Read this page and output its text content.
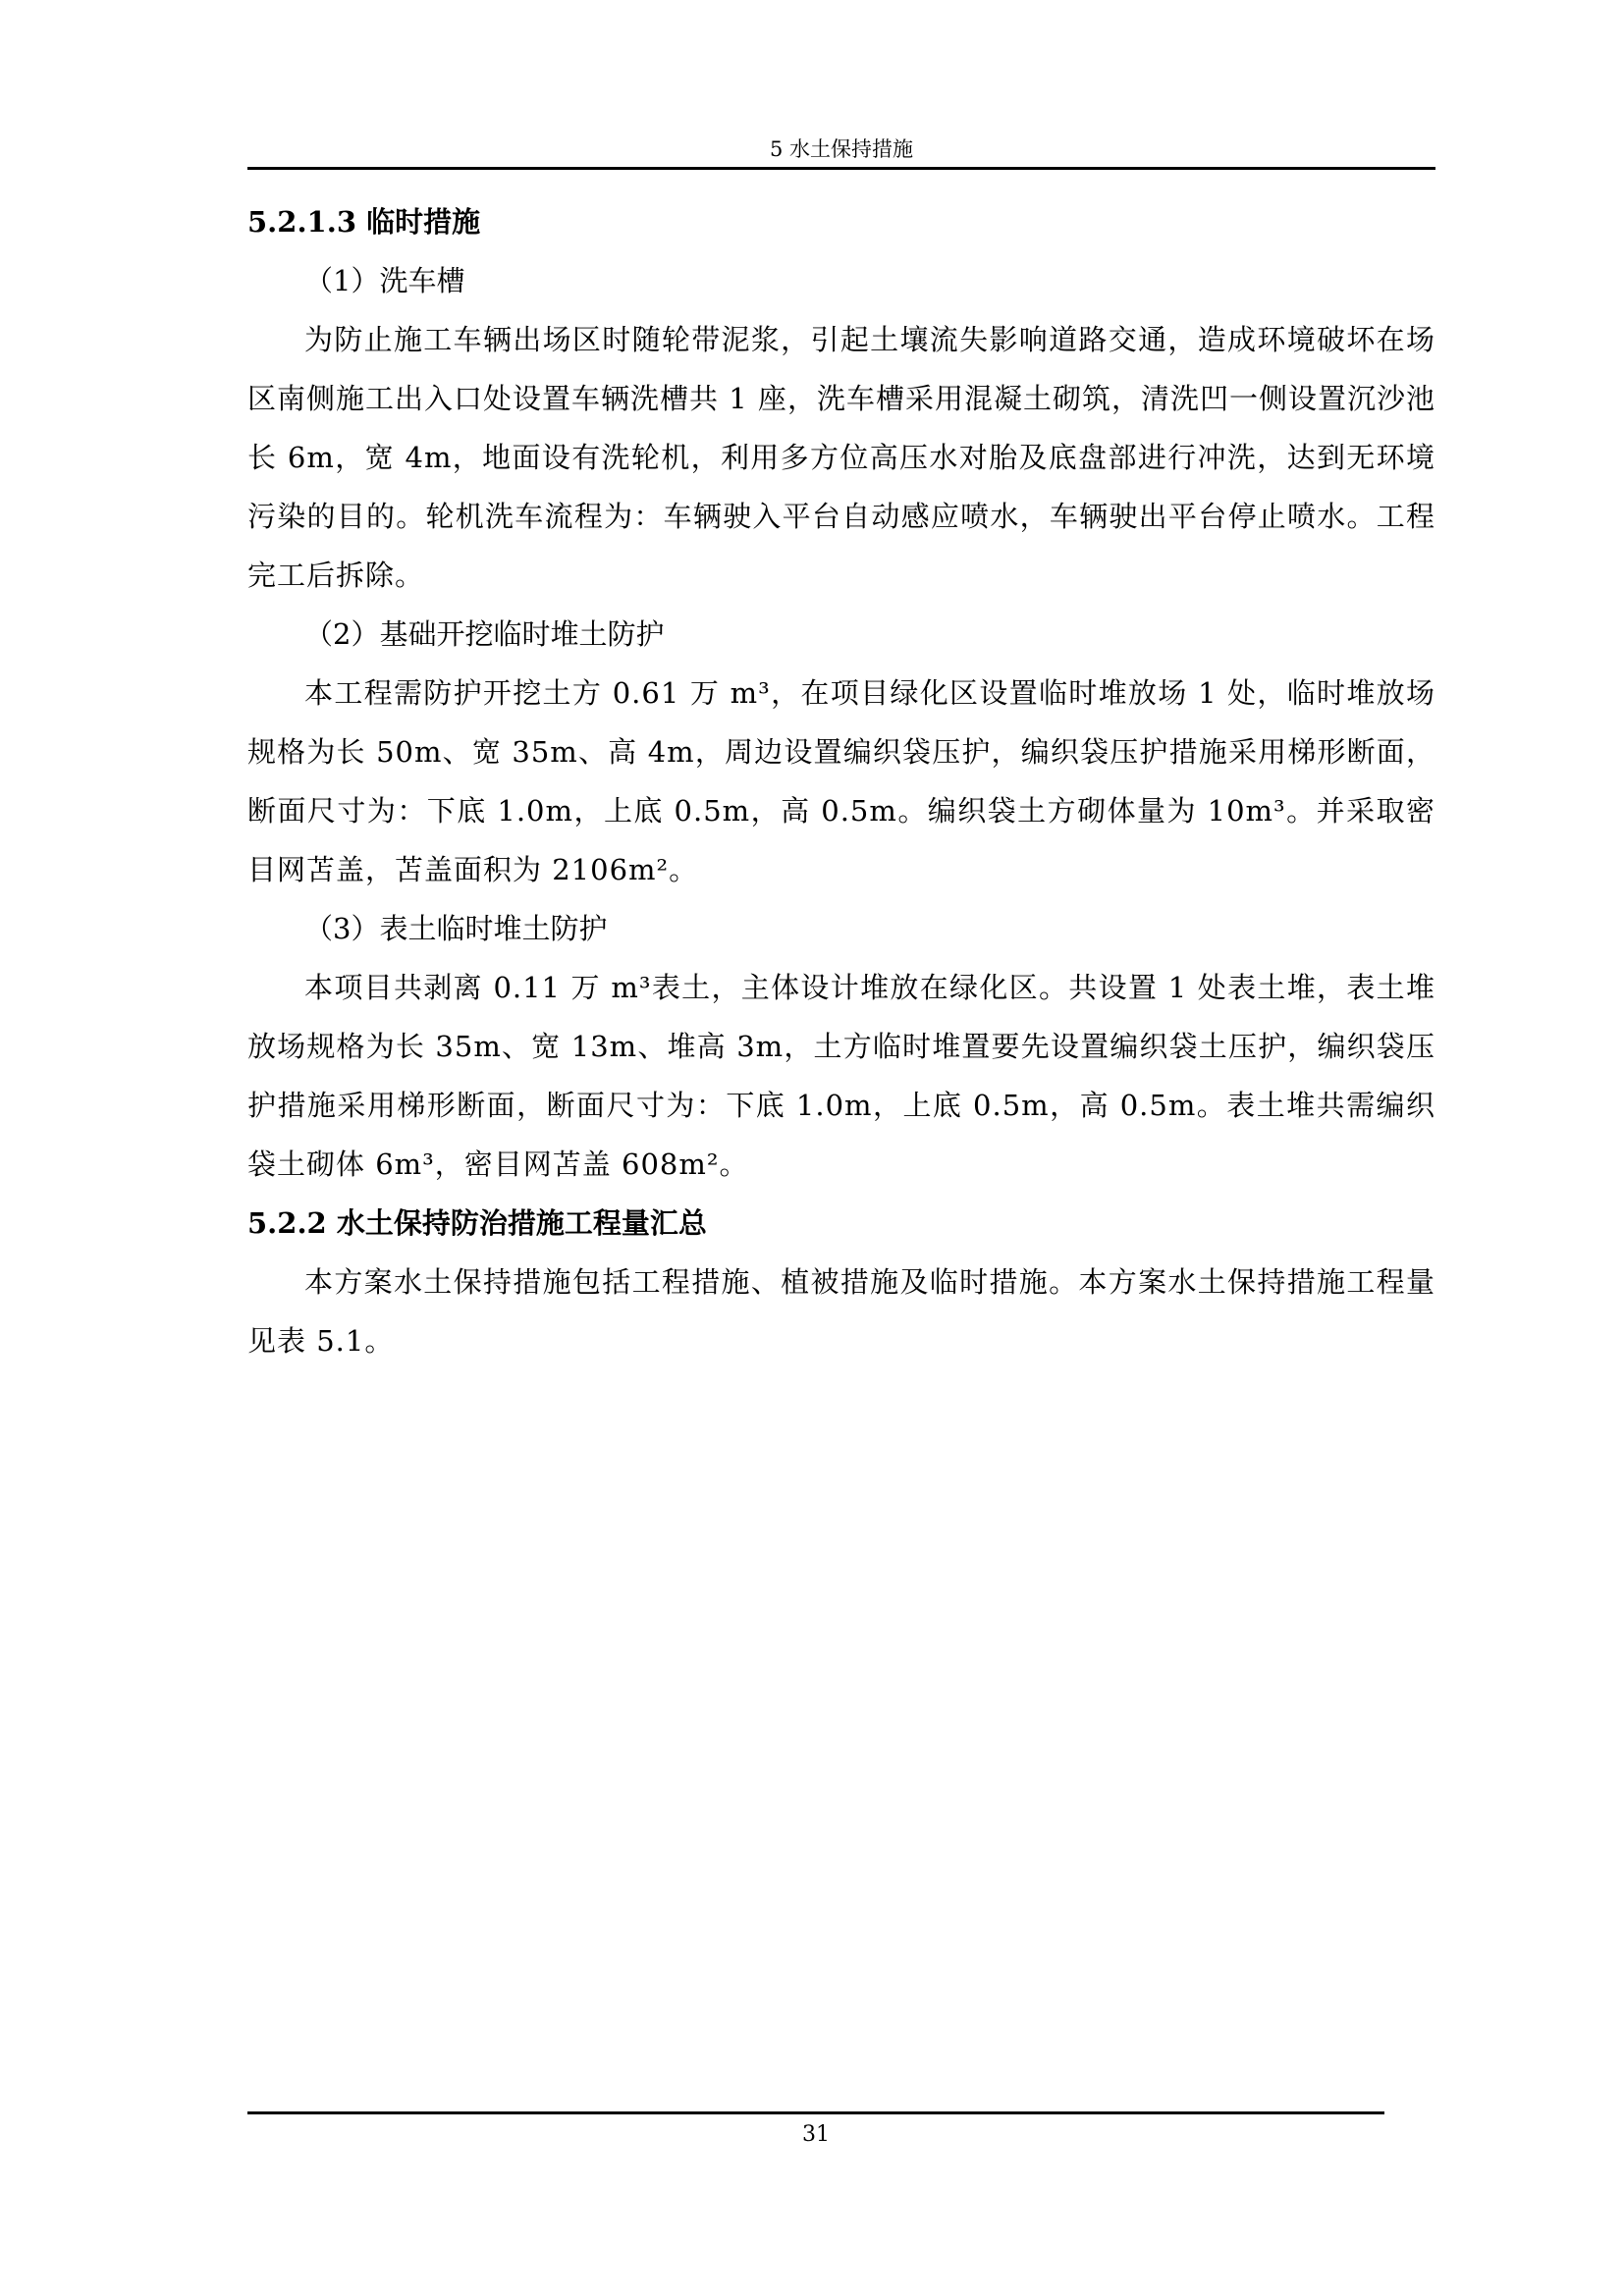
5 水土保持措施
5.2.1.3 临时措施
（1）洗车槽

为防止施工车辆出场区时随轮带泥浆，引起土壤流失影响道路交通，造成环境破坏在场区南侧施工出入口处设置车辆洗槽共 1 座，洗车槽采用混凝土砌筑，清洗凹一侧设置沉沙池长 6m，宽 4m，地面设有洗轮机，利用多方位高压水对胎及底盘部进行冲洗，达到无环境污染的目的。轮机洗车流程为：车辆驶入平台自动感应喷水，车辆驶出平台停止喷水。工程完工后拆除。

（2）基础开挖临时堆土防护

本工程需防护开挖土方 0.61 万 m³，在项目绿化区设置临时堆放场 1 处，临时堆放场规格为长 50m、宽 35m、高 4m，周边设置编织袋压护，编织袋压护措施采用梯形断面，断面尺寸为：下底 1.0m，上底 0.5m，高 0.5m。编织袋土方砌体量为 10m³。并采取密目网苫盖，苫盖面积为 2106m²。

（3）表土临时堆土防护

本项目共剥离 0.11 万 m³表土，主体设计堆放在绿化区。共设置 1 处表土堆，表土堆放场规格为长 35m、宽 13m、堆高 3m，土方临时堆置要先设置编织袋土压护，编织袋压护措施采用梯形断面，断面尺寸为：下底 1.0m，上底 0.5m，高 0.5m。表土堆共需编织袋土砌体 6m³，密目网苫盖 608m²。

5.2.2 水土保持防治措施工程量汇总

本方案水土保持措施包括工程措施、植被措施及临时措施。本方案水土保持措施工程量见表 5.1。

31
